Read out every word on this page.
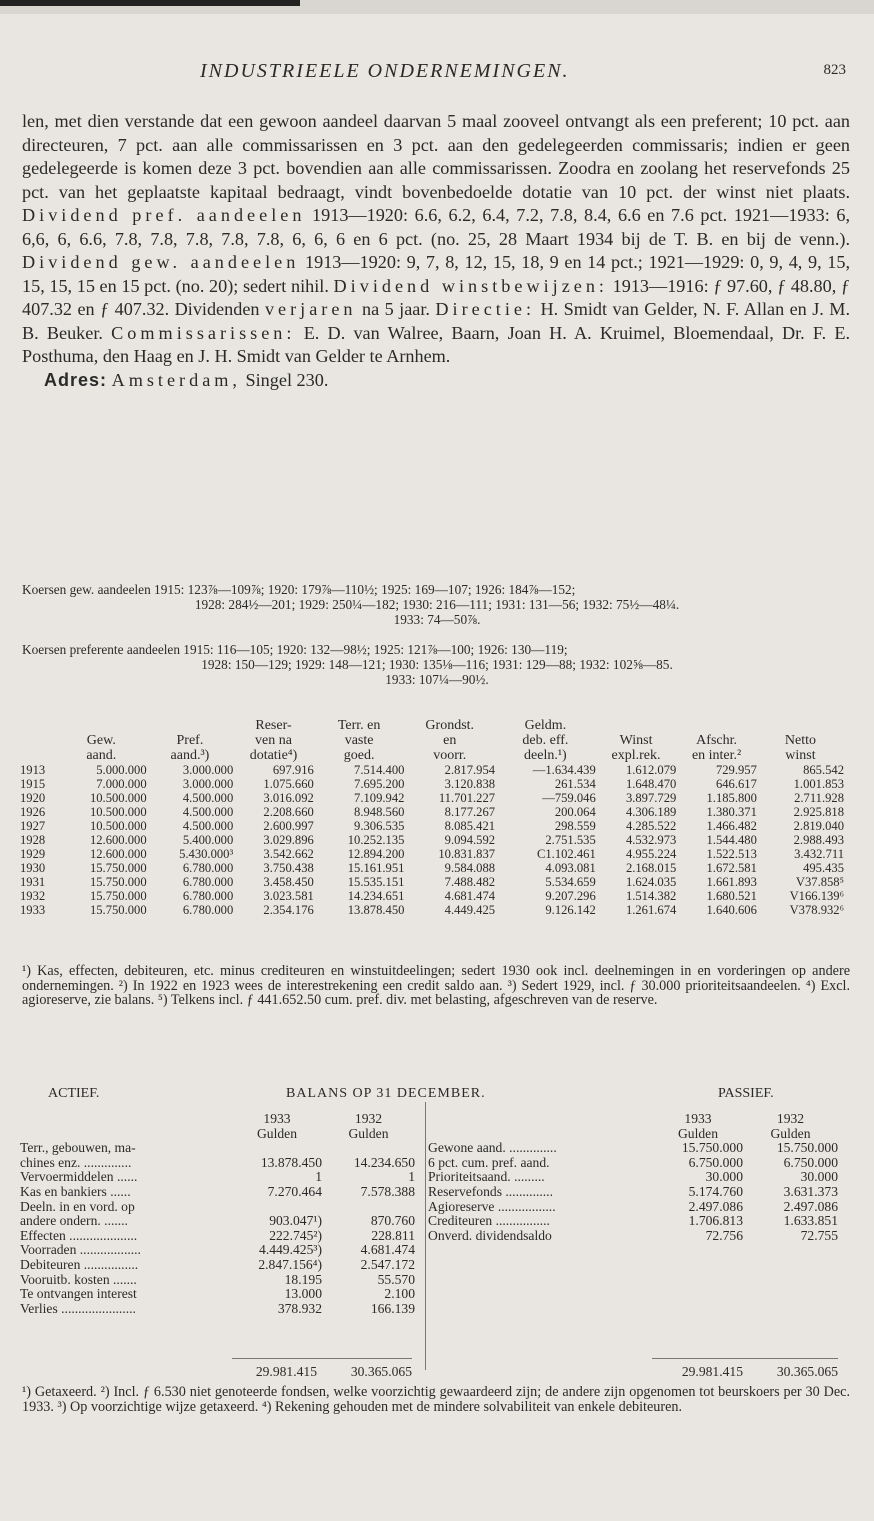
INDUSTRIEELE ONDERNEMINGEN.	823
len, met dien verstande dat een gewoon aandeel daarvan 5 maal zooveel ontvangt als een preferent; 10 pct. aan directeuren, 7 pct. aan alle commissarissen en 3 pct. aan den gedelegeerden commissaris; indien er geen gedelegeerde is komen deze 3 pct. bovendien aan alle commissarissen. Zoodra en zoolang het reservefonds 25 pct. van het geplaatste kapitaal bedraagt, vindt bovenbedoelde dotatie van 10 pct. der winst niet plaats. Dividend pref. aandeelen 1913—1920: 6.6, 6.2, 6.4, 7.2, 7.8, 8.4, 6.6 en 7.6 pct. 1921—1933: 6, 6,6, 6, 6.6, 7.8, 7.8, 7.8, 7.8, 7.8, 6, 6, 6 en 6 pct. (no. 25, 28 Maart 1934 bij de T. B. en bij de venn.). Dividend gew. aandeelen 1913—1920: 9, 7, 8, 12, 15, 18, 9 en 14 pct.; 1921—1929: 0, 9, 4, 9, 15, 15, 15, 15 en 15 pct. (no. 20); sedert nihil. Dividend winstbewijzen: 1913—1916: ƒ 97.60, ƒ 48.80, ƒ 407.32 en ƒ 407.32. Dividenden verjaren na 5 jaar. Directie: H. Smidt van Gelder, N. F. Allan en J. M. B. Beuker. Commissarissen: E. D. van Walree, Baarn, Joan H. A. Kruimel, Bloemendaal, Dr. F. E. Posthuma, den Haag en J. H. Smidt van Gelder te Arnhem.
Adres: Amsterdam, Singel 230.
Koersen gew. aandeelen 1915: 123⅞—109⅞; 1920: 179⅞—110½; 1925: 169—107; 1926: 184⅞—152;
1928: 284½—201; 1929: 250¼—182; 1930: 216—111; 1931: 131—56; 1932: 75½—48¼.
1933: 74—50⅞.
Koersen preferente aandeelen 1915: 116—105; 1920: 132—98½; 1925: 121⅞—100; 1926: 130—119;
1928: 150—129; 1929: 148—121; 1930: 135⅛—116; 1931: 129—88; 1932: 102⅝—85.
1933: 107¼—90½.
			Reser-	Terr. en	Grondst.	Geldm.			
	Gew.	Pref.	ven na	vaste	en	deb. eff.	Winst	Afschr.	Netto
	aand.	aand.³)	dotatie⁴)	goed.	voorr.	deeln.¹)	expl.rek.	en inter.²	winst
1913	5.000.000	3.000.000	697.916	7.514.400	2.817.954	—1.634.439	1.612.079	729.957	865.542
1915	7.000.000	3.000.000	1.075.660	7.695.200	3.120.838	261.534	1.648.470	646.617	1.001.853
1920	10.500.000	4.500.000	3.016.092	7.109.942	11.701.227	—759.046	3.897.729	1.185.800	2.711.928
1926	10.500.000	4.500.000	2.208.660	8.948.560	8.177.267	200.064	4.306.189	1.380.371	2.925.818
1927	10.500.000	4.500.000	2.600.997	9.306.535	8.085.421	298.559	4.285.522	1.466.482	2.819.040
1928	12.600.000	5.400.000	3.029.896	10.252.135	9.094.592	2.751.535	4.532.973	1.544.480	2.988.493
1929	12.600.000	5.430.000³	3.542.662	12.894.200	10.831.837	C1.102.461	4.955.224	1.522.513	3.432.711
1930	15.750.000	6.780.000	3.750.438	15.161.951	9.584.088	4.093.081	2.168.015	1.672.581	495.435
1931	15.750.000	6.780.000	3.458.450	15.535.151	7.488.482	5.534.659	1.624.035	1.661.893	V37.858⁵
1932	15.750.000	6.780.000	3.023.581	14.234.651	4.681.474	9.207.296	1.514.382	1.680.521	V166.139⁶
1933	15.750.000	6.780.000	2.354.176	13.878.450	4.449.425	9.126.142	1.261.674	1.640.606	V378.932⁶
¹) Kas, effecten, debiteuren, etc. minus crediteuren en winstuitdeelingen; sedert 1930 ook incl. deelnemingen in en vorderingen op andere ondernemingen. ²) In 1922 en 1923 wees de interestrekening een credit saldo aan. ³) Sedert 1929, incl. ƒ 30.000 prioriteitsaandeelen. ⁴) Excl. agioreserve, zie balans. ⁵) Telkens incl. ƒ 441.652.50 cum. pref. div. met belasting, afgeschreven van de reserve.
ACTIEF.	BALANS OP 31 DECEMBER.	PASSIEF.
	1933	1932
	Gulden	Gulden
Terr., gebouwen, ma-		
chines enz. ..............	13.878.450	14.234.650
Vervoermiddelen ......	1	1
Kas en bankiers ......	7.270.464	7.578.388
Deeln. in en vord. op		
andere ondern. .......	903.047¹)	870.760
Effecten ....................	222.745²)	228.811
Voorraden ..................	4.449.425³)	4.681.474
Debiteuren ................	2.847.156⁴)	2.547.172
Vooruitb. kosten .......	18.195	55.570
Te ontvangen interest	13.000	2.100
Verlies ......................	378.932	166.139
	1933	1932
	Gulden	Gulden
Gewone aand. ..............	15.750.000	15.750.000
6 pct. cum. pref. aand.	6.750.000	6.750.000
Prioriteitsaand. .........	30.000	30.000
Reservefonds ..............	5.174.760	3.631.373
Agioreserve .................	2.497.086	2.497.086
Crediteuren ................	1.706.813	1.633.851
Onverd. dividendsaldo	72.756	72.755
29.981.415 30.365.065	29.981.415 30.365.065
¹) Getaxeerd. ²) Incl. ƒ 6.530 niet genoteerde fondsen, welke voorzichtig gewaardeerd zijn; de andere zijn opgenomen tot beurskoers per 30 Dec. 1933. ³) Op voorzichtige wijze getaxeerd. ⁴) Rekening gehouden met de mindere solvabiliteit van enkele debiteuren.
